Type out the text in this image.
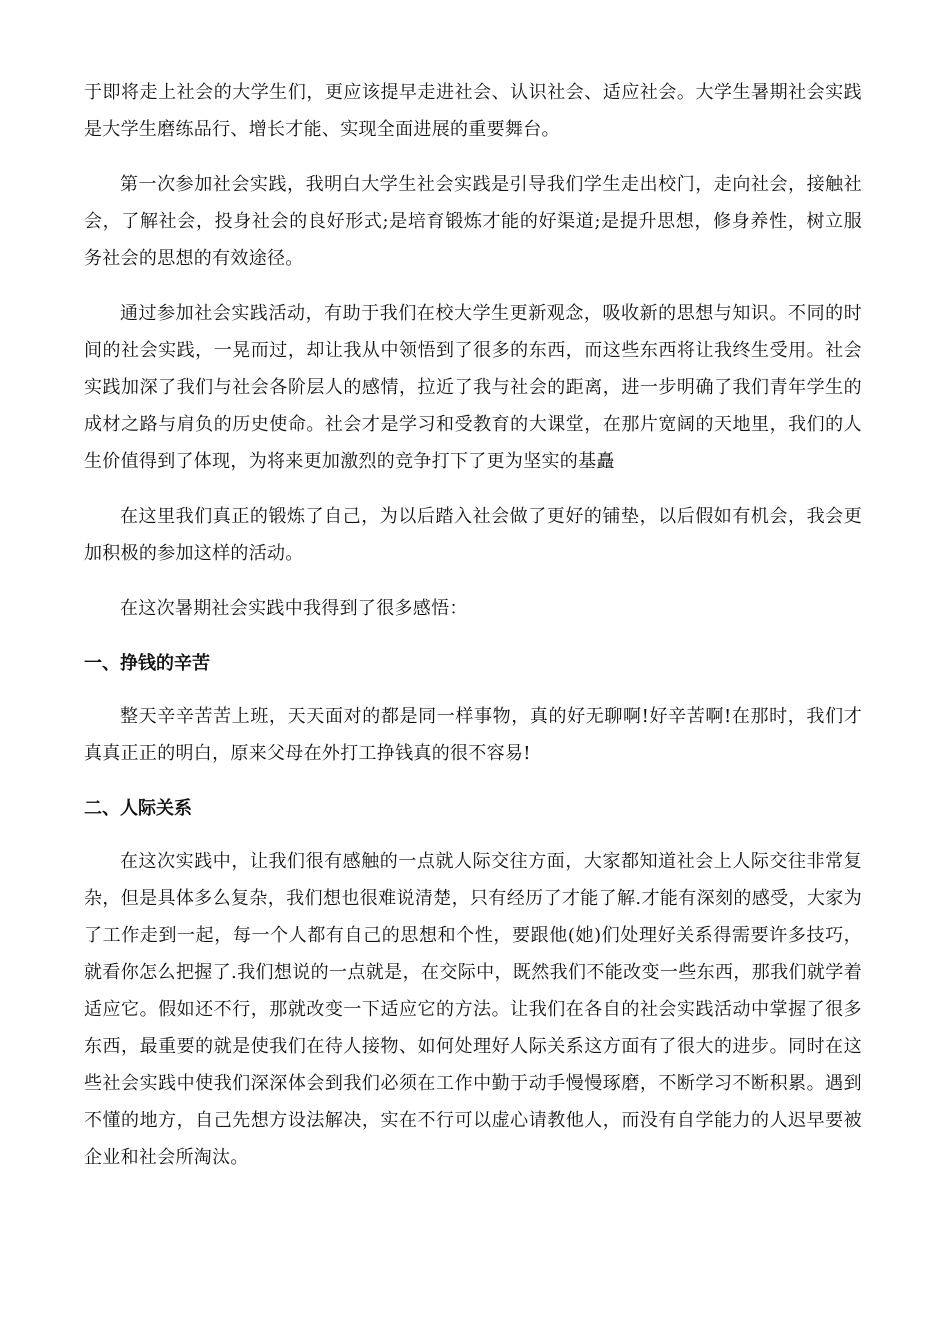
于即将走上社会的大学生们，更应该提早走进社会、认识社会、适应社会。大学生暑期社会实践是大学生磨练品行、增长才能、实现全面进展的重要舞台。

第一次参加社会实践，我明白大学生社会实践是引导我们学生走出校门，走向社会，接触社会，了解社会，投身社会的良好形式;是培育锻炼才能的好渠道;是提升思想，修身养性，树立服务社会的思想的有效途径。

通过参加社会实践活动，有助于我们在校大学生更新观念，吸收新的思想与知识。不同的时间的社会实践，一晃而过，却让我从中领悟到了很多的东西，而这些东西将让我终生受用。社会实践加深了我们与社会各阶层人的感情，拉近了我与社会的距离，进一步明确了我们青年学生的成材之路与肩负的历史使命。社会才是学习和受教育的大课堂，在那片宽阔的天地里，我们的人生价值得到了体现，为将来更加激烈的竞争打下了更为坚实的基矗

在这里我们真正的锻炼了自己，为以后踏入社会做了更好的铺垫，以后假如有机会，我会更加积极的参加这样的活动。

在这次暑期社会实践中我得到了很多感悟：

一、挣钱的辛苦

整天辛辛苦苦上班，天天面对的都是同一样事物，真的好无聊啊!好辛苦啊!在那时，我们才真真正正的明白，原来父母在外打工挣钱真的很不容易!

二、人际关系

在这次实践中，让我们很有感触的一点就人际交往方面，大家都知道社会上人际交往非常复杂，但是具体多么复杂，我们想也很难说清楚，只有经历了才能了解.才能有深刻的感受，大家为了工作走到一起，每一个人都有自己的思想和个性，要跟他(她)们处理好关系得需要许多技巧，就看你怎么把握了.我们想说的一点就是，在交际中，既然我们不能改变一些东西，那我们就学着适应它。假如还不行，那就改变一下适应它的方法。让我们在各自的社会实践活动中掌握了很多东西，最重要的就是使我们在待人接物、如何处理好人际关系这方面有了很大的进步。同时在这些社会实践中使我们深深体会到我们必须在工作中勤于动手慢慢琢磨，不断学习不断积累。遇到不懂的地方，自己先想方设法解决，实在不行可以虚心请教他人，而没有自学能力的人迟早要被企业和社会所淘汰。
